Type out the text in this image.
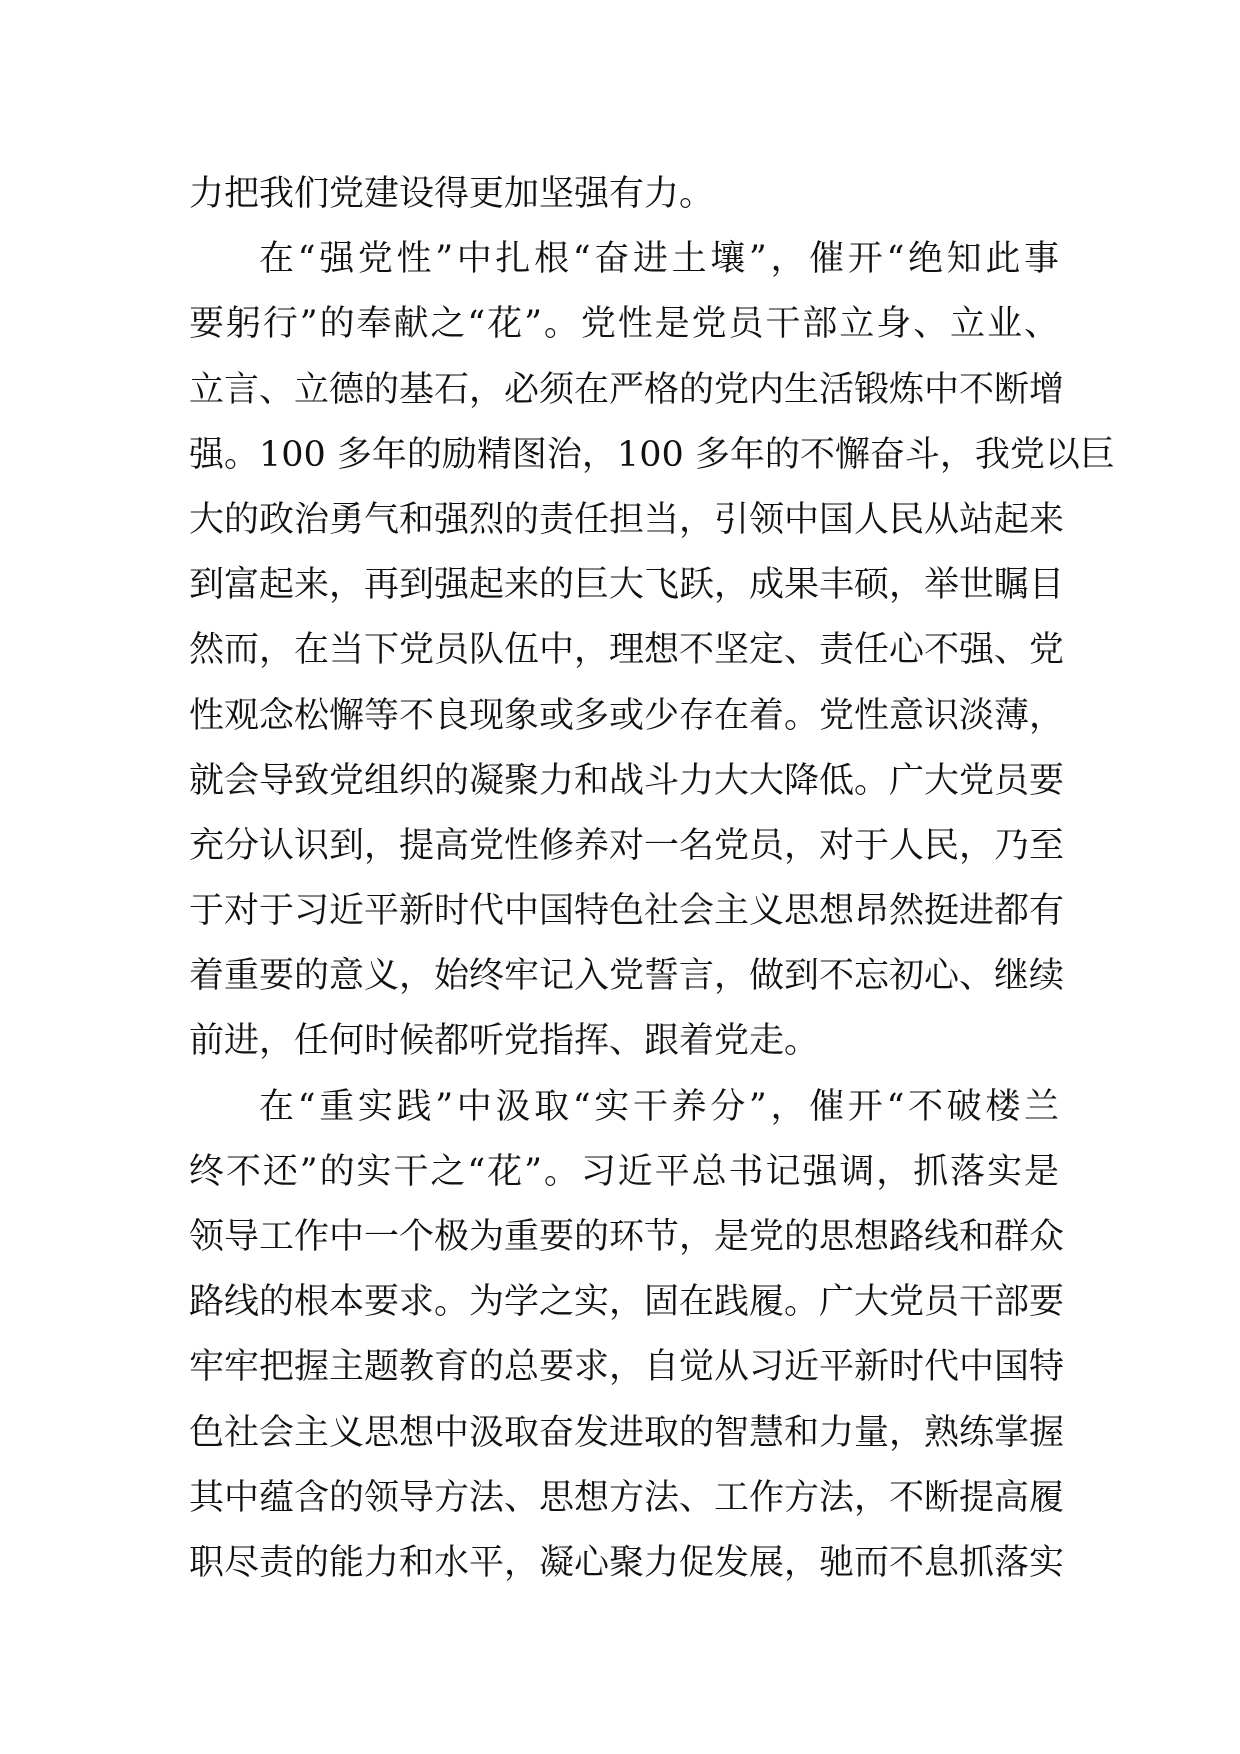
力把我们党建设得更加坚强有力。
在“强党性”中扎根“奋进土壤”，催开“绝知此事
要躬行”的奉献之“花”。党性是党员干部立身、立业、
立言、立德的基石，必须在严格的党内生活锻炼中不断增
强。100 多年的励精图治，100 多年的不懈奋斗，我党以巨
大的政治勇气和强烈的责任担当，引领中国人民从站起来
到富起来，再到强起来的巨大飞跃，成果丰硕，举世瞩目
然而，在当下党员队伍中，理想不坚定、责任心不强、党
性观念松懈等不良现象或多或少存在着。党性意识淡薄，
就会导致党组织的凝聚力和战斗力大大降低。广大党员要
充分认识到，提高党性修养对一名党员，对于人民，乃至
于对于习近平新时代中国特色社会主义思想昂然挺进都有
着重要的意义，始终牢记入党誓言，做到不忘初心、继续
前进，任何时候都听党指挥、跟着党走。
在“重实践”中汲取“实干养分”，催开“不破楼兰
终不还”的实干之“花”。习近平总书记强调，抓落实是
领导工作中一个极为重要的环节，是党的思想路线和群众
路线的根本要求。为学之实，固在践履。广大党员干部要
牢牢把握主题教育的总要求，自觉从习近平新时代中国特
色社会主义思想中汲取奋发进取的智慧和力量，熟练掌握
其中蕴含的领导方法、思想方法、工作方法，不断提高履
职尽责的能力和水平，凝心聚力促发展，驰而不息抓落实
